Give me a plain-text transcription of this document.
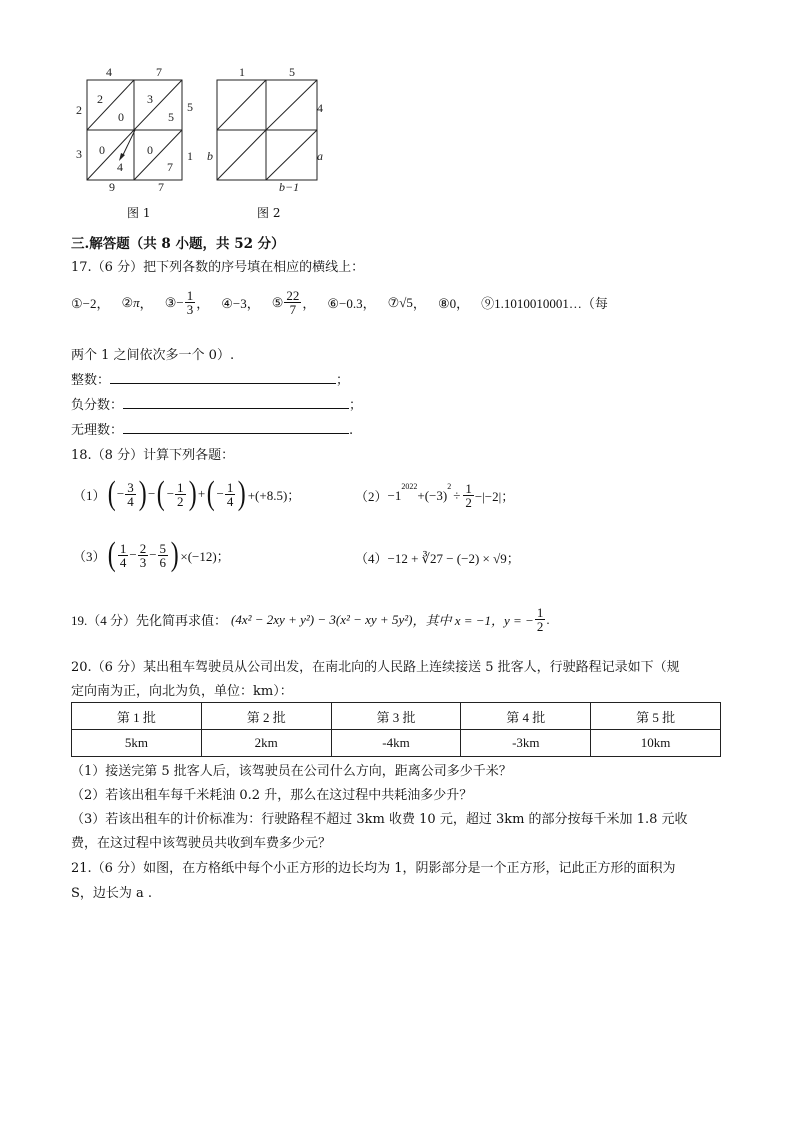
4	7
2
3
5
1
9	7
2
0
3
5
0
4
0
7
图 1
1	5
4
a
b
b−1
图 2
三.解答题（共 8 小题，共 52 分）
17.（6 分）把下列各数的序号填在相应的横线上：
①−2， ② π ， ③− $\frac{1}{3}$ ， ④−3， ⑤ $\frac{22}{7}$ ， ⑥−0.3， ⑦ √5 ， ⑧0， ⑨1.1010010001…（每
两个 1 之间依次多一个 0）.
整数：	；
负分数：	；
无理数：	.
18.（8 分）计算下列各题：
（1） ( − $\frac{3}{4}$ ) − ( − $\frac{1}{2}$ ) + ( − $\frac{1}{4}$ ) +(+8.5)；	（2） −1
$^{2022}$
+(−3)
$^2$
÷ $\frac{1}{2} -|-2|$；
（3） ( $\frac{1}{4} - \frac{2}{3} - \frac{5}{6}$ ) ×(−12)；	（4）−12 + ∛27 − (−2) × √9；
19.（4 分）先化简再求值： (4x² − 2xy + y²) − 3(x² − xy + 5y²) ，其中 x = −1，y = − $\frac{1}{2}$ .
20.（6 分）某出租车驾驶员从公司出发，在南北向的人民路上连续接送 5 批客人，行驶路程记录如下（规
定向南为正，向北为负，单位：km）：
第 1 批	第 2 批	第 3 批	第 4 批	第 5 批
5km	2km	-4km	-3km	10km
（1）接送完第 5 批客人后，该驾驶员在公司什么方向，距离公司多少千米？
（2）若该出租车每千米耗油 0.2 升，那么在这过程中共耗油多少升？
（3）若该出租车的计价标准为：行驶路程不超过 3km 收费 10 元，超过 3km 的部分按每千米加 1.8 元收
费，在这过程中该驾驶员共收到车费多少元？
21.（6 分）如图，在方格纸中每个小正方形的边长均为 1，阴影部分是一个正方形，记此正方形的面积为
S，边长为 a .
